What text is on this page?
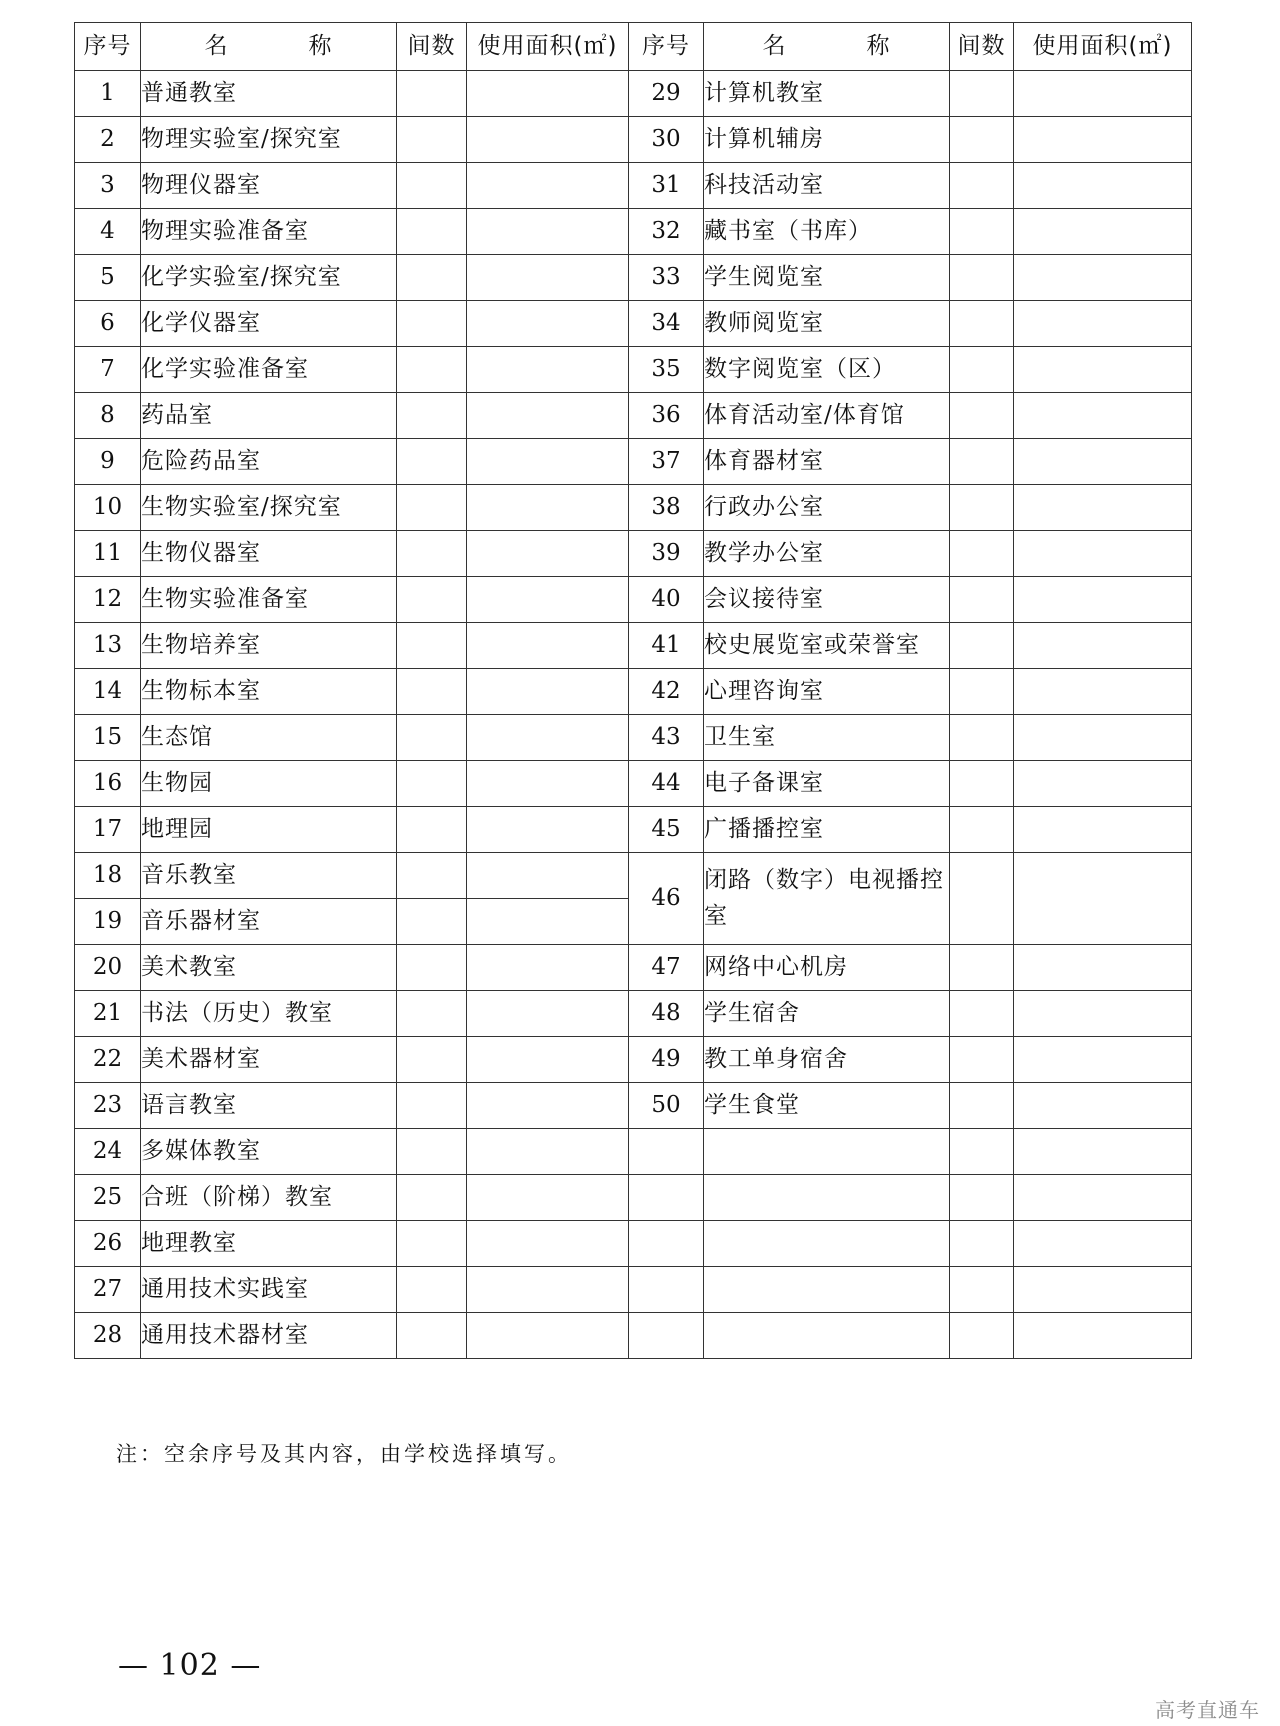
序号	名 称	间数	使用面积(㎡)	序号	名 称	间数	使用面积(㎡)
1	普通教室			29	计算机教室		
2	物理实验室/探究室			30	计算机辅房		
3	物理仪器室			31	科技活动室		
4	物理实验准备室			32	藏书室（书库）		
5	化学实验室/探究室			33	学生阅览室		
6	化学仪器室			34	教师阅览室		
7	化学实验准备室			35	数字阅览室（区）		
8	药品室			36	体育活动室/体育馆		
9	危险药品室			37	体育器材室		
10	生物实验室/探究室			38	行政办公室		
11	生物仪器室			39	教学办公室		
12	生物实验准备室			40	会议接待室		
13	生物培养室			41	校史展览室或荣誉室		
14	生物标本室			42	心理咨询室		
15	生态馆			43	卫生室		
16	生物园			44	电子备课室		
17	地理园			45	广播播控室		
18	音乐教室			46	闭路（数字）电视播控室		
19	音乐器材室						
20	美术教室			47	网络中心机房		
21	书法（历史）教室			48	学生宿舍		
22	美术器材室			49	教工单身宿舍		
23	语言教室			50	学生食堂		
24	多媒体教室						
25	合班（阶梯）教室						
26	地理教室						
27	通用技术实践室						
28	通用技术器材室						
注：空余序号及其内容，由学校选择填写。
— 102 —
高考直通车
